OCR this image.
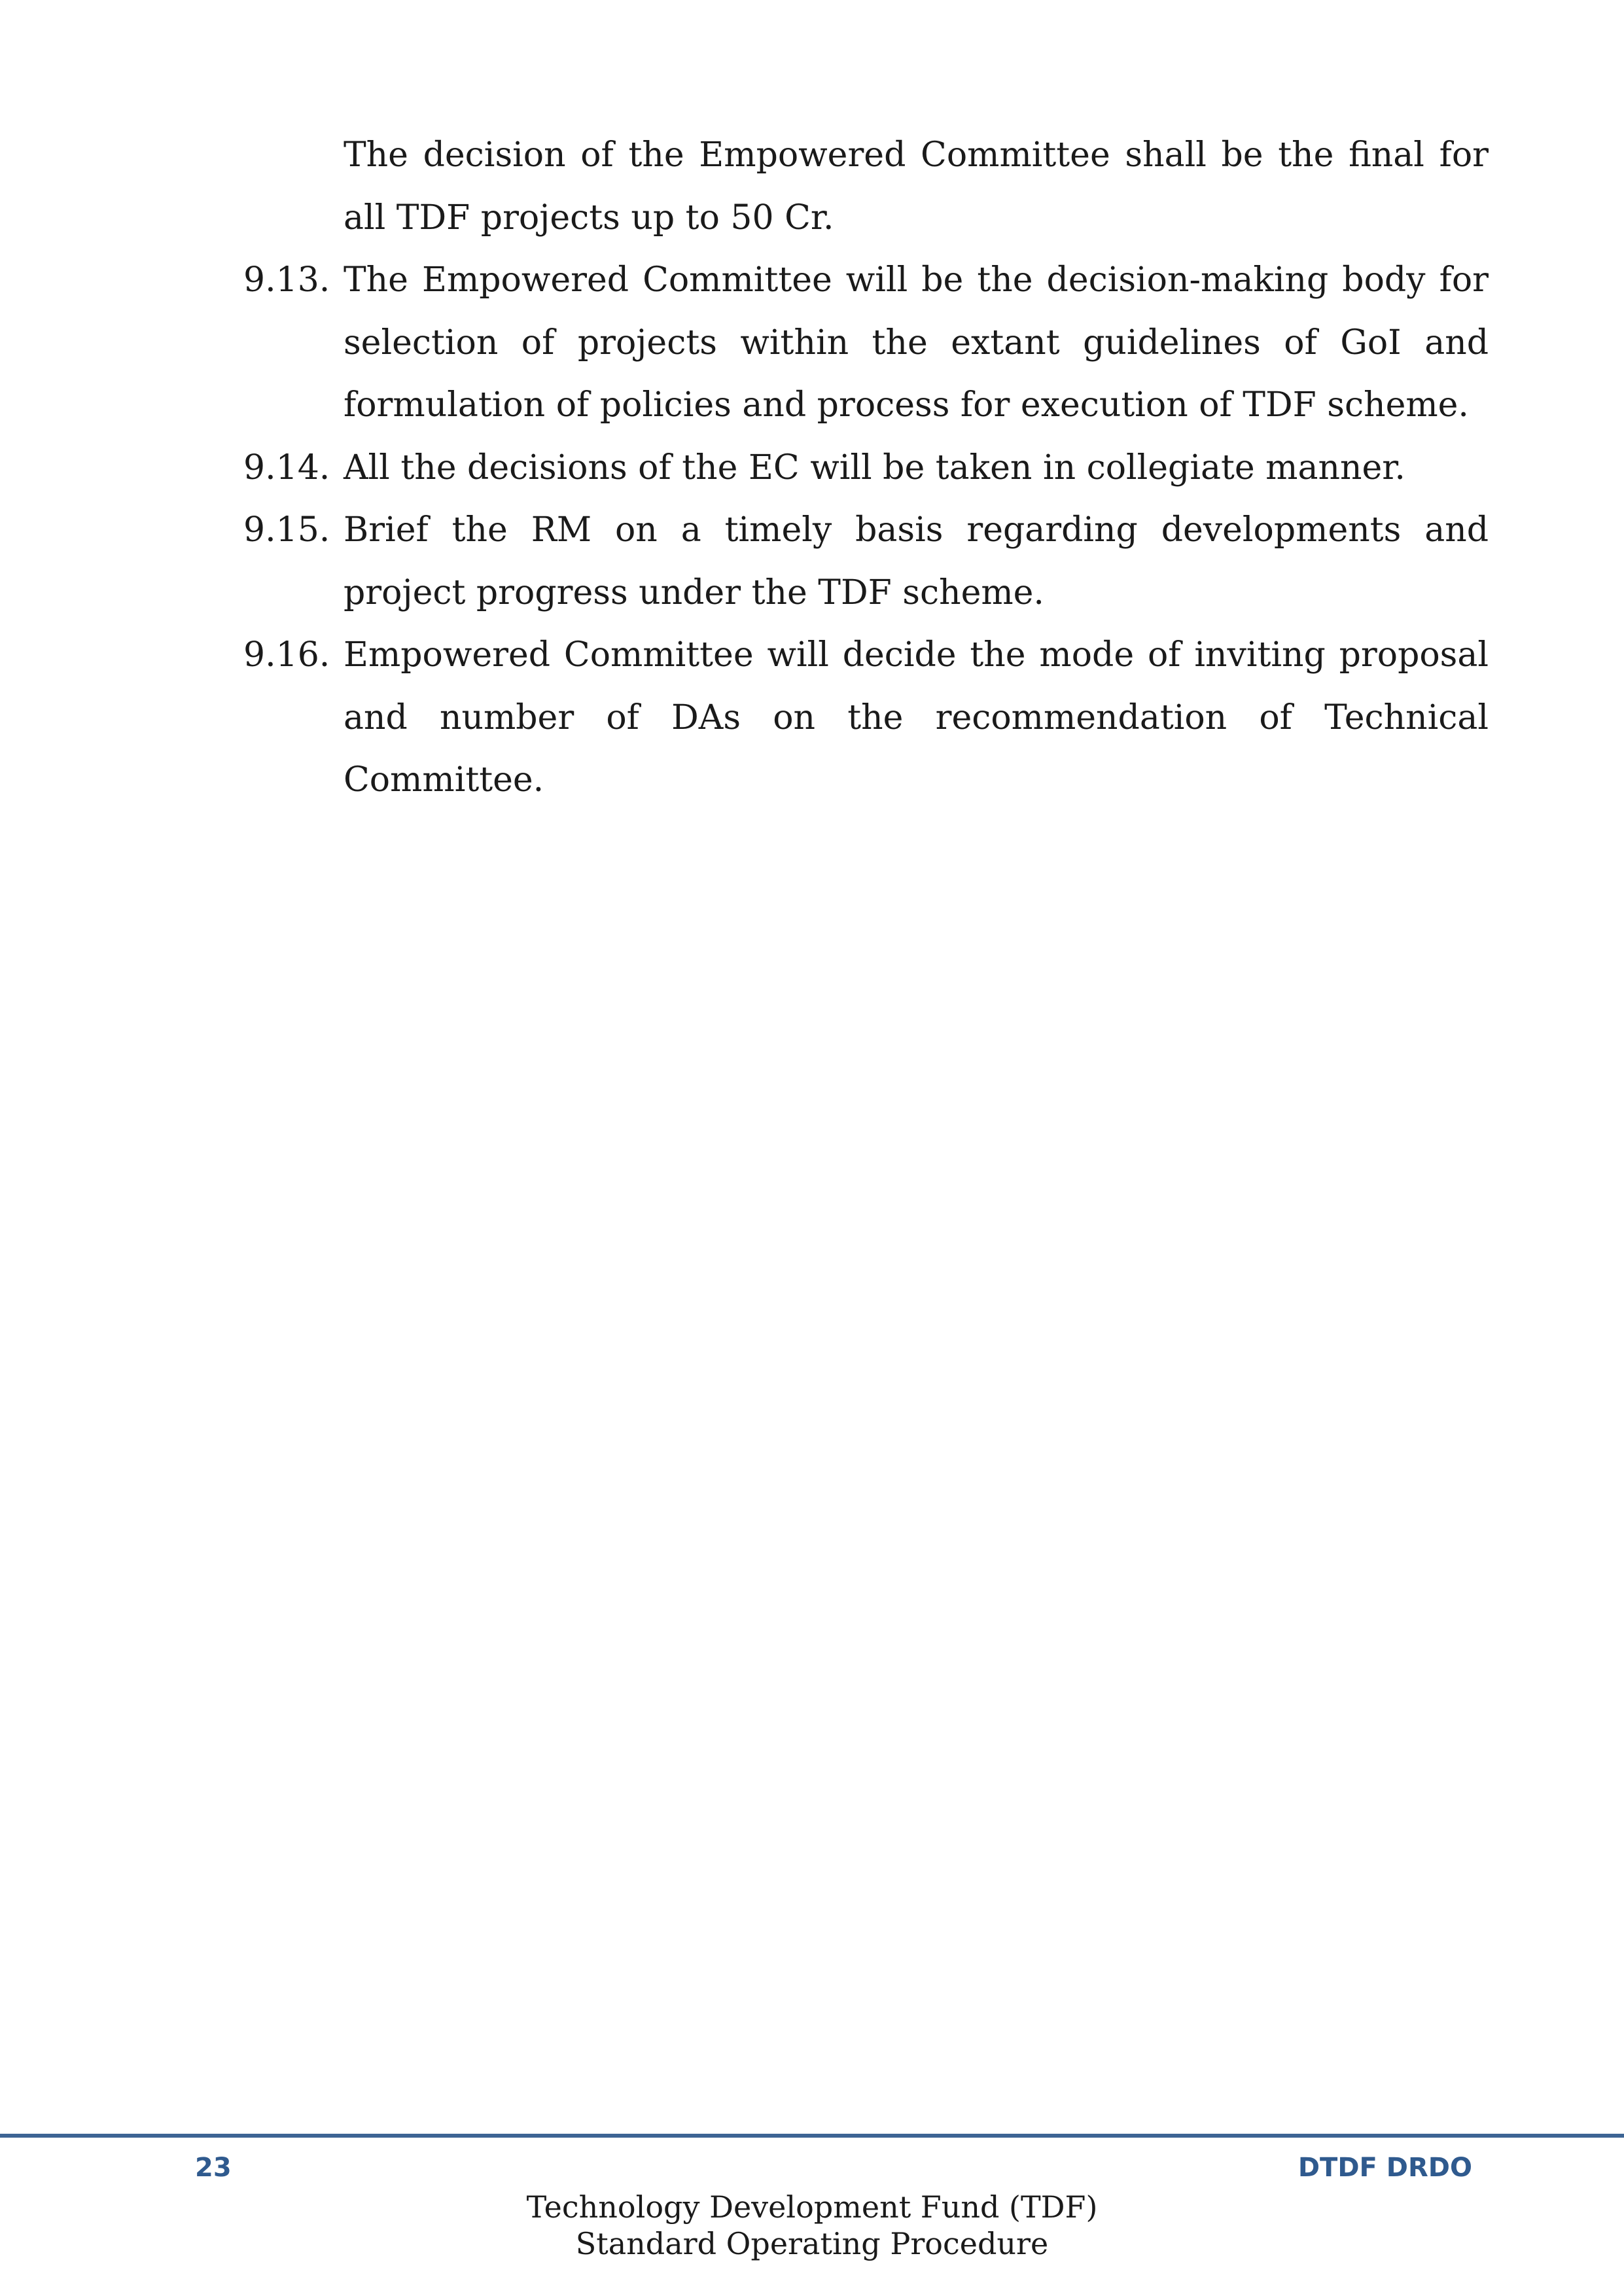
The decision of the Empowered Committee shall be the final for all TDF projects up to 50 Cr.

9.13. The Empowered Committee will be the decision-making body for selection of projects within the extant guidelines of GoI and formulation of policies and process for execution of TDF scheme.
9.14. All the decisions of the EC will be taken in collegiate manner.
9.15. Brief the RM on a timely basis regarding developments and project progress under the TDF scheme.
9.16. Empowered Committee will decide the mode of inviting proposal and number of DAs on the recommendation of Technical Committee.
23	DTDF DRDO
Technology Development Fund (TDF)
Standard Operating Procedure
